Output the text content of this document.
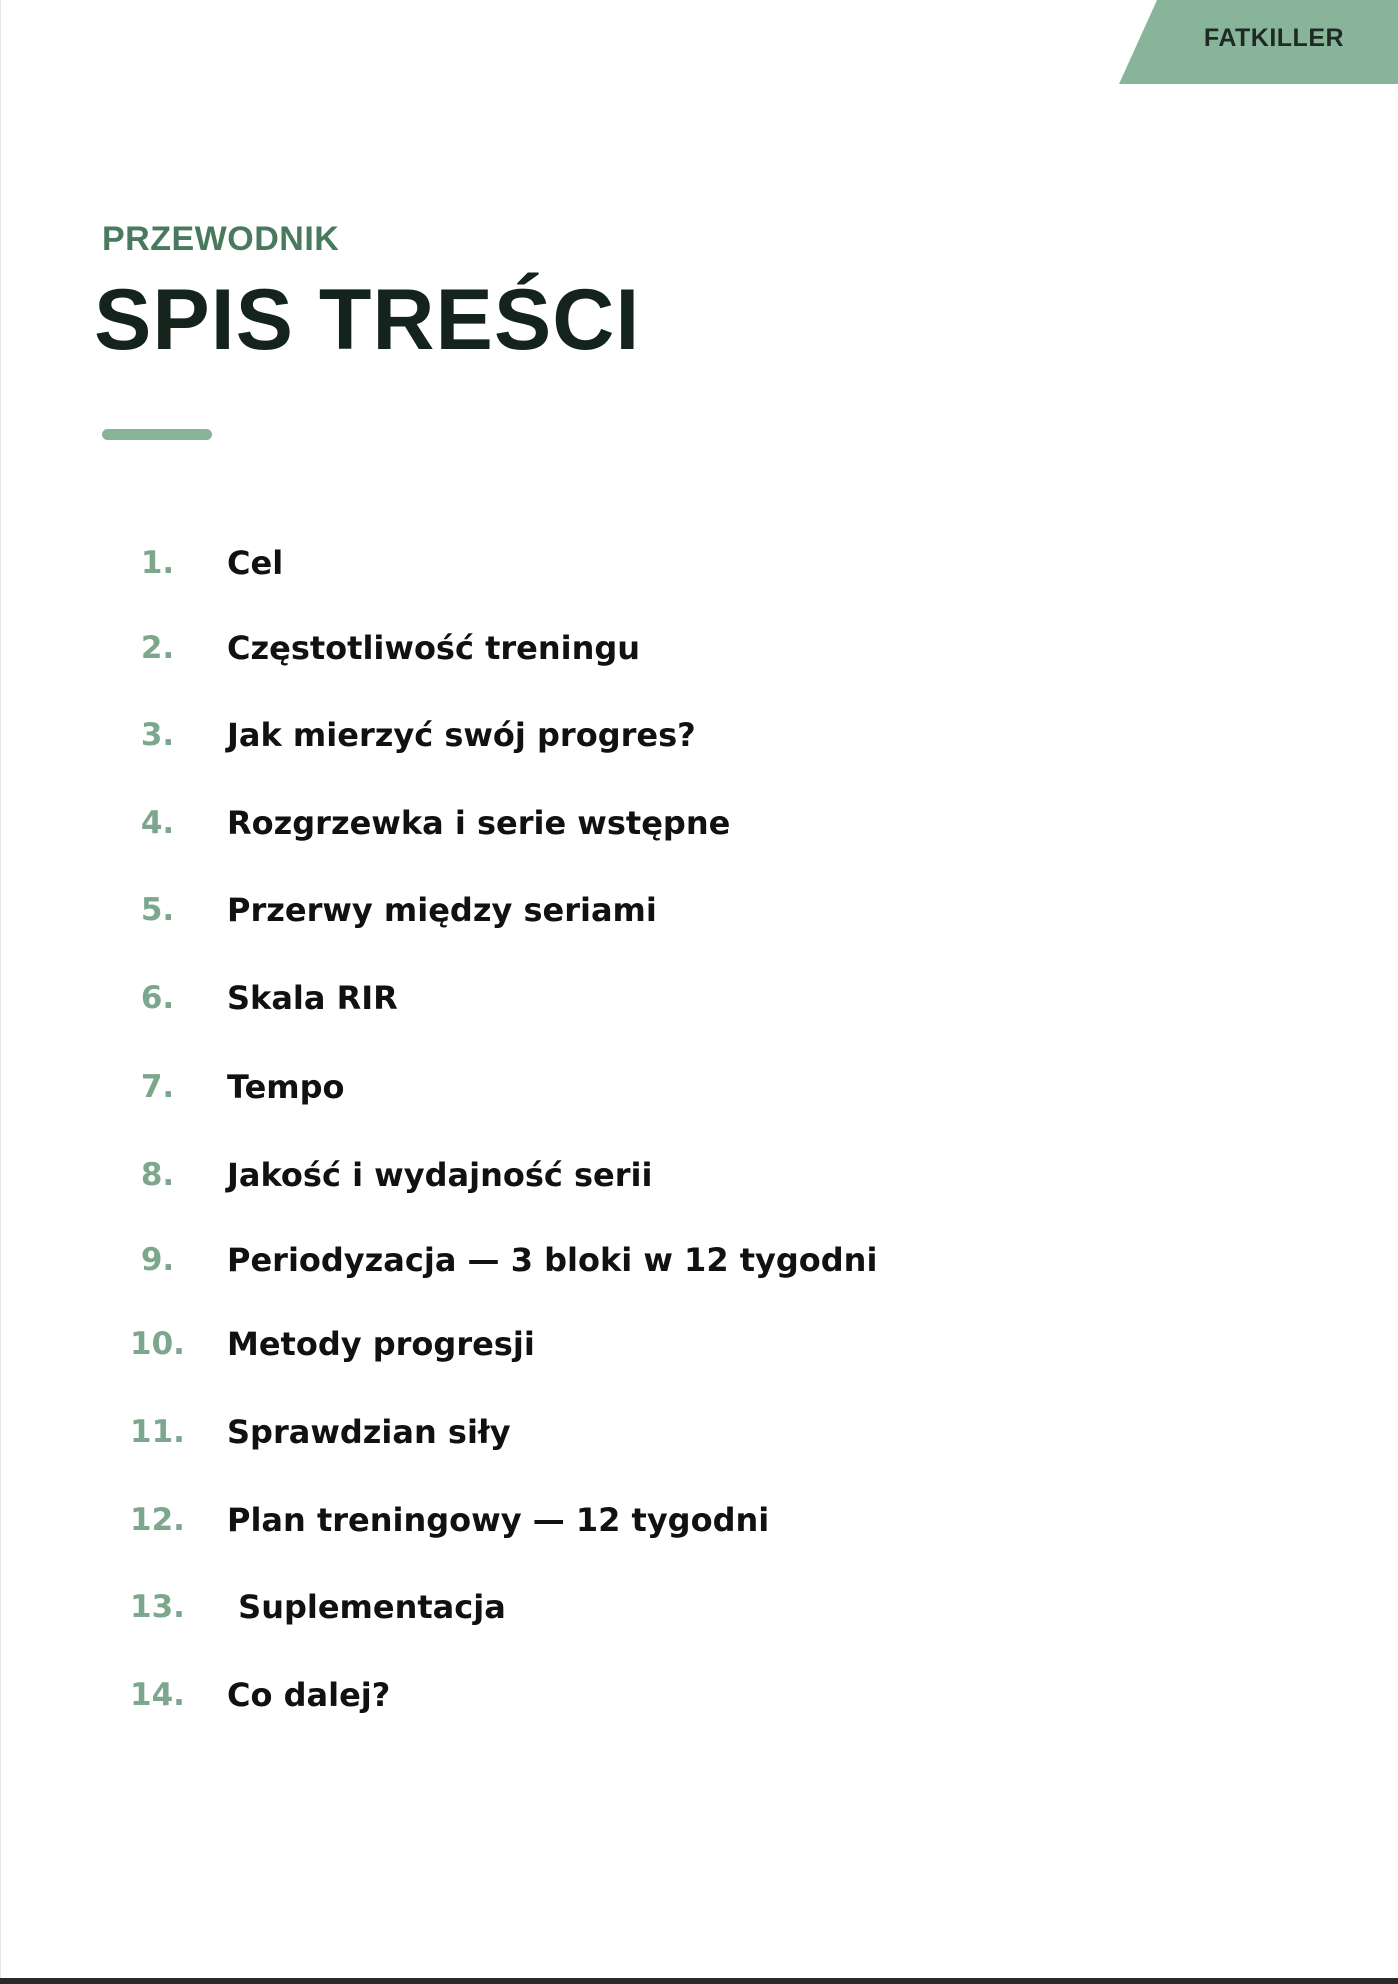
FATKILLER
PRZEWODNIK
SPIS TREŚCI
1.	Cel
2.	Częstotliwość treningu
3.	Jak mierzyć swój progres?
4.	Rozgrzewka i serie wstępne
5.	Przerwy między seriami
6.	Skala RIR
7.	Tempo
8.	Jakość i wydajność serii
9.	Periodyzacja — 3 bloki w 12 tygodni
10.	Metody progresji
11.	Sprawdzian siły
12.	Plan treningowy — 12 tygodni
13.	Suplementacja
14.	Co dalej?
